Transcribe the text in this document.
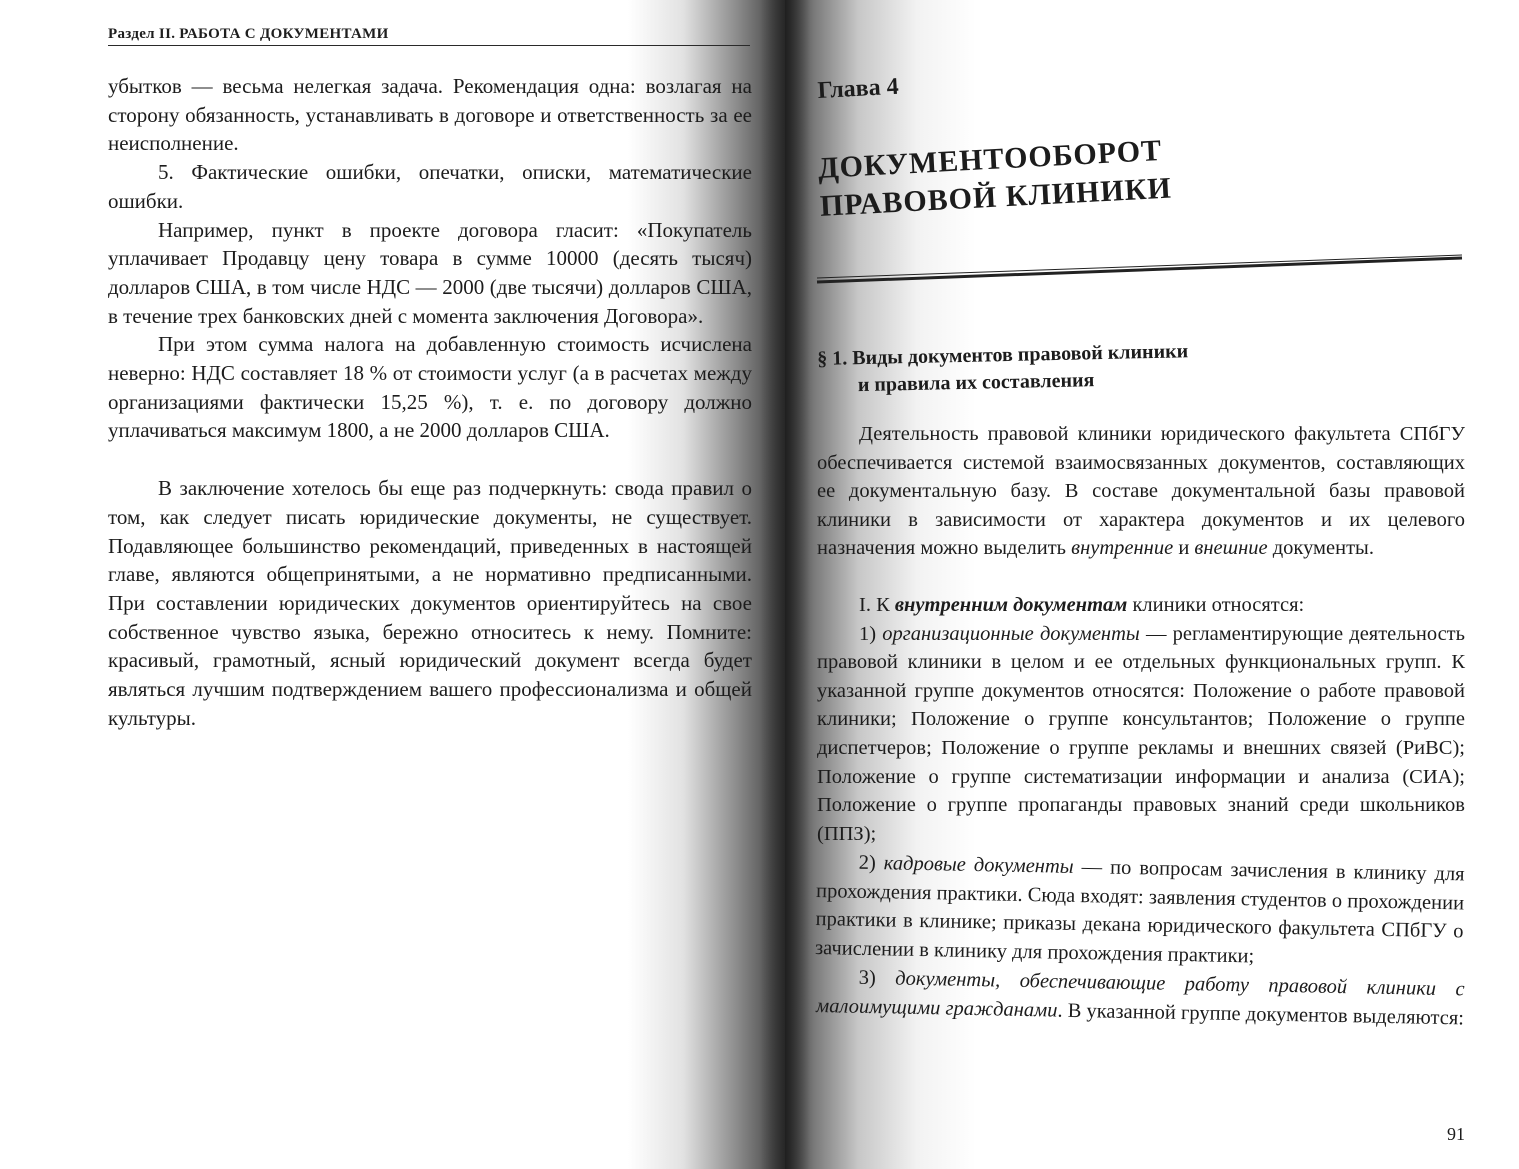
Раздел II. РАБОТА С ДОКУМЕНТАМИ

убытков — весьма нелегкая задача. Рекомендация одна: возлагая на сторону обязанность, устанавливать в договоре и ответственность за ее неисполнение.

5. Фактические ошибки, опечатки, описки, математические ошибки.

Например, пункт в проекте договора гласит: «Покупатель уплачивает Продавцу цену товара в сумме 10000 (десять тысяч) долларов США, в том числе НДС — 2000 (две тысячи) долларов США, в течение трех банковских дней с момента заключения Договора».

При этом сумма налога на добавленную стоимость исчислена неверно: НДС составляет 18 % от стоимости услуг (а в расчетах между организациями фактически 15,25 %), т. е. по договору должно уплачиваться максимум 1800, а не 2000 долларов США.

В заключение хотелось бы еще раз подчеркнуть: свода правил о том, как следует писать юридические документы, не существует. Подавляющее большинство рекомендаций, приведенных в настоящей главе, являются общепринятыми, а не нормативно предписанными. При составлении юридических документов ориентируйтесь на свое собственное чувство языка, бережно относитесь к нему. Помните: красивый, грамотный, ясный юридический документ всегда будет являться лучшим подтверждением вашего профессионализма и общей культуры.

Глава 4
ДОКУМЕНТООБОРОТ
ПРАВОВОЙ КЛИНИКИ
§ 1. Виды документов правовой клиники
и правила их составления

Деятельность правовой клиники юридического факультета СПбГУ обеспечивается системой взаимосвязанных документов, составляющих ее документальную базу. В составе документальной базы правовой клиники в зависимости от характера документов и их целевого назначения можно выделить внутренние и внешние документы.

I. К внутренним документам клиники относятся:

1) организационные документы — регламентирующие деятельность правовой клиники в целом и ее отдельных функциональных групп. К указанной группе документов относятся: Положение о работе правовой клиники; Положение о группе консультантов; Положение о группе диспетчеров; Положение о группе рекламы и внешних связей (РиВС); Положение о группе систематизации информации и анализа (СИА); Положение о группе пропаганды правовых знаний среди школьников (ППЗ);

2) кадровые документы — по вопросам зачисления в клинику для прохождения практики. Сюда входят: заявления студентов о прохождении практики в клинике; приказы декана юридического факультета СПбГУ о зачислении в клинику для прохождения практики;

3) документы, обеспечивающие работу правовой клиники с малоимущими гражданами. В указанной группе документов выделяются:

91
